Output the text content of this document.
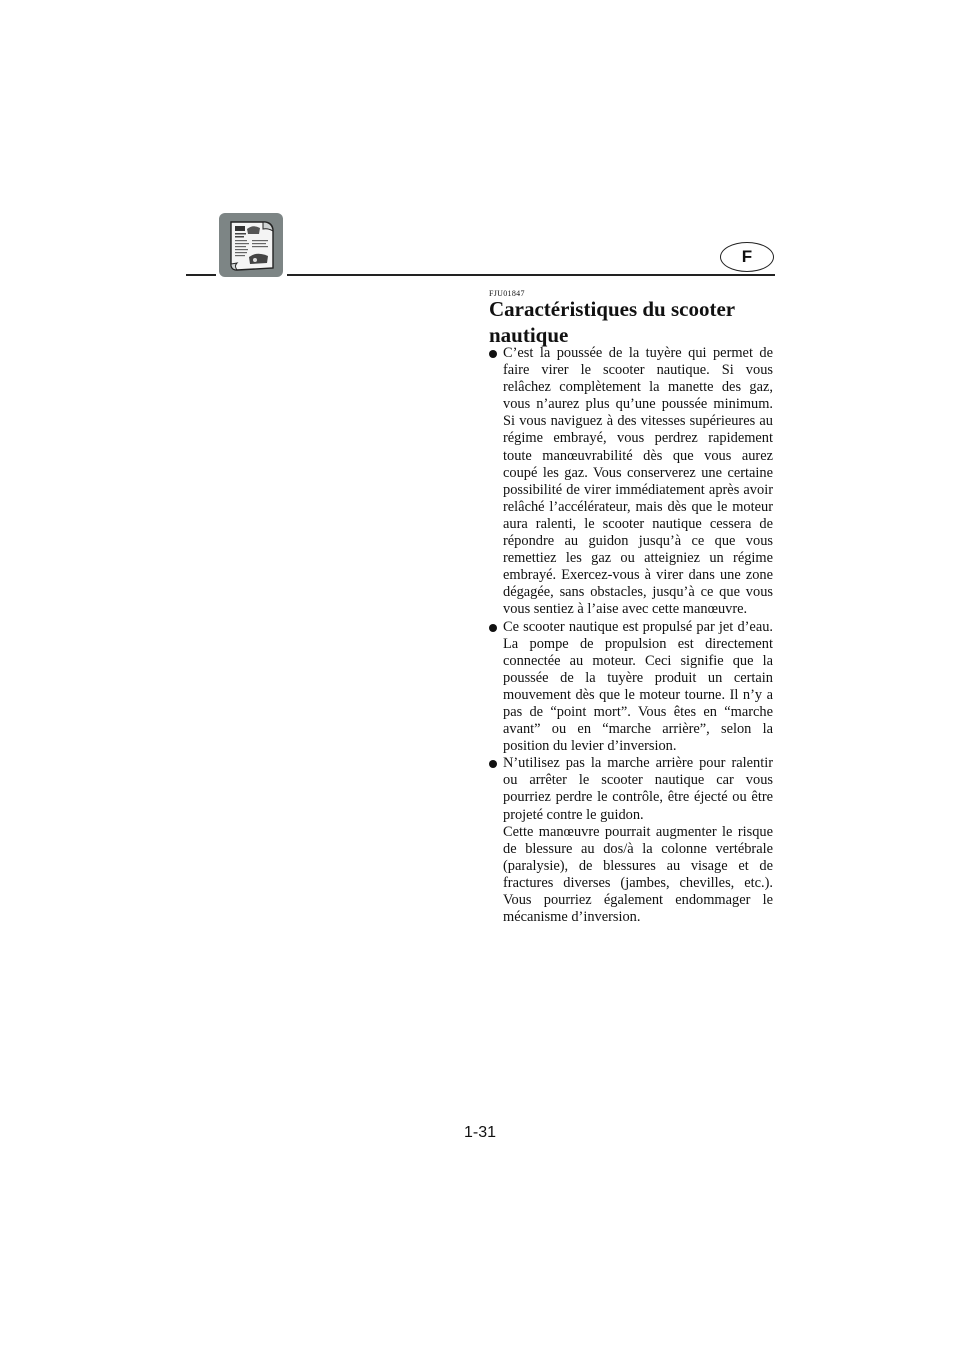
F
FJU01847
Caractéristiques du scooter nautique

C’est la poussée de la tuyère qui permet de faire virer le scooter nautique. Si vous relâchez complètement la manette des gaz, vous n’aurez plus qu’une poussée minimum. Si vous naviguez à des vitesses supérieures au régime embrayé, vous perdrez rapidement toute manœuvrabilité dès que vous aurez coupé les gaz. Vous conserverez une certaine possibilité de virer immédiatement après avoir relâché l’accélérateur, mais dès que le moteur aura ralenti, le scooter nautique cessera de répondre au guidon jusqu’à ce que vous remettiez les gaz ou atteigniez un régime embrayé. Exercez-vous à virer dans une zone dégagée, sans obstacles, jusqu’à ce que vous vous sentiez à l’aise avec cette manœuvre.

Ce scooter nautique est propulsé par jet d’eau. La pompe de propulsion est directement connectée au moteur. Ceci signifie que la poussée de la tuyère produit un certain mouvement dès que le moteur tourne. Il n’y a pas de “point mort”. Vous êtes en “marche avant” ou en “marche arrière”, selon la position du levier d’inversion.

N’utilisez pas la marche arrière pour ralentir ou arrêter le scooter nautique car vous pourriez perdre le contrôle, être éjecté ou être projeté contre le guidon.

Cette manœuvre pourrait augmenter le risque de blessure au dos/à la colonne vertébrale (paralysie), de blessures au visage et de fractures diverses (jambes, chevilles, etc.). Vous pourriez également endommager le mécanisme d’inversion.

1-31
